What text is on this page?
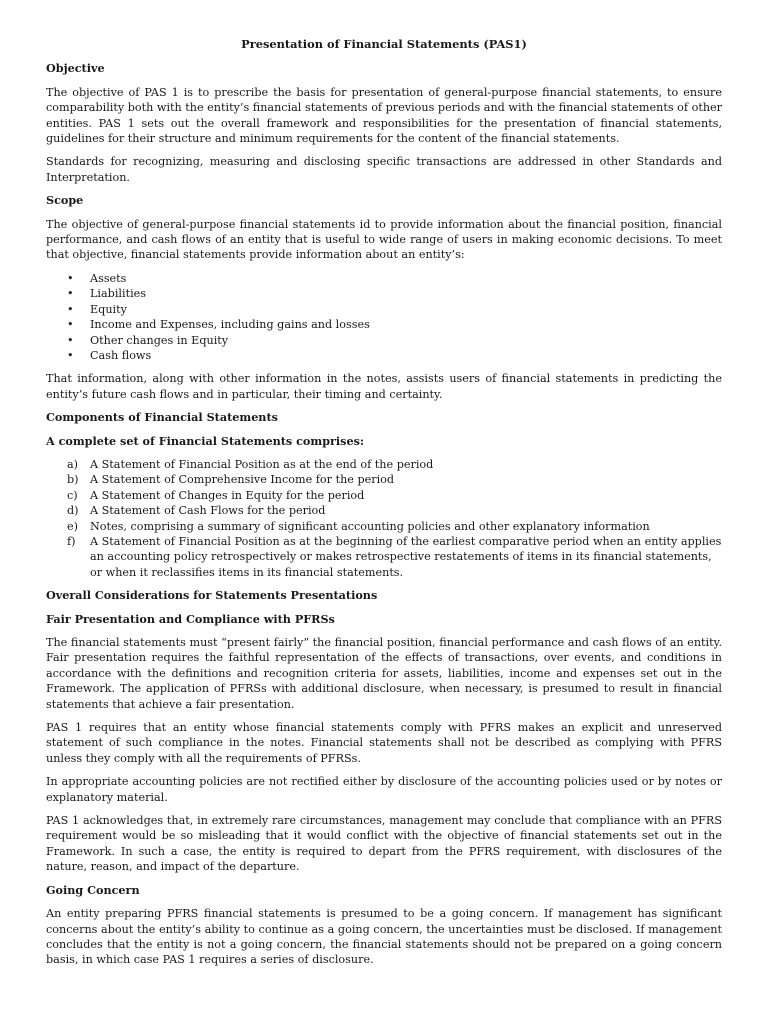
Presentation of Financial Statements (PAS1)
Objective

The objective of PAS 1 is to prescribe the basis for presentation of general-purpose financial statements, to ensure comparability both with the entity’s financial statements of previous periods and with the financial statements of other entities. PAS 1 sets out the overall framework and responsibilities for the presentation of financial statements, guidelines for their structure and minimum requirements for the content of the financial statements.

Standards for recognizing, measuring and disclosing specific transactions are addressed in other Standards and Interpretation.

Scope

The objective of general-purpose financial statements id to provide information about the financial position, financial performance, and cash flows of an entity that is useful to wide range of users in making economic decisions. To meet that objective, financial statements provide information about an entity’s:

• Assets
• Liabilities
• Equity
• Income and Expenses, including gains and losses
• Other changes in Equity
• Cash flows

That information, along with other information in the notes, assists users of financial statements in predicting the entity’s future cash flows and in particular, their timing and certainty.

Components of Financial Statements
A complete set of Financial Statements comprises:
a) A Statement of Financial Position as at the end of the period
b) A Statement of Comprehensive Income for the period
c) A Statement of Changes in Equity for the period
d) A Statement of Cash Flows for the period
e) Notes, comprising a summary of significant accounting policies and other explanatory information
f) A Statement of Financial Position as at the beginning of the earliest comparative period when an entity applies an accounting policy retrospectively or makes retrospective restatements of items in its financial statements, or when it reclassifies items in its financial statements.
Overall Considerations for Statements Presentations
Fair Presentation and Compliance with PFRSs

The financial statements must “present fairly” the financial position, financial performance and cash flows of an entity. Fair presentation requires the faithful representation of the effects of transactions, over events, and conditions in accordance with the definitions and recognition criteria for assets, liabilities, income and expenses set out in the Framework. The application of PFRSs with additional disclosure, when necessary, is presumed to result in financial statements that achieve a fair presentation.

PAS 1 requires that an entity whose financial statements comply with PFRS makes an explicit and unreserved statement of such compliance in the notes. Financial statements shall not be described as complying with PFRS unless they comply with all the requirements of PFRSs.

In appropriate accounting policies are not rectified either by disclosure of the accounting policies used or by notes or explanatory material.

PAS 1 acknowledges that, in extremely rare circumstances, management may conclude that compliance with an PFRS requirement would be so misleading that it would conflict with the objective of financial statements set out in the Framework. In such a case, the entity is required to depart from the PFRS requirement, with disclosures of the nature, reason, and impact of the departure.

Going Concern

An entity preparing PFRS financial statements is presumed to be a going concern. If management has significant concerns about the entity’s ability to continue as a going concern, the uncertainties must be disclosed. If management concludes that the entity is not a going concern, the financial statements should not be prepared on a going concern basis, in which case PAS 1 requires a series of disclosure.
